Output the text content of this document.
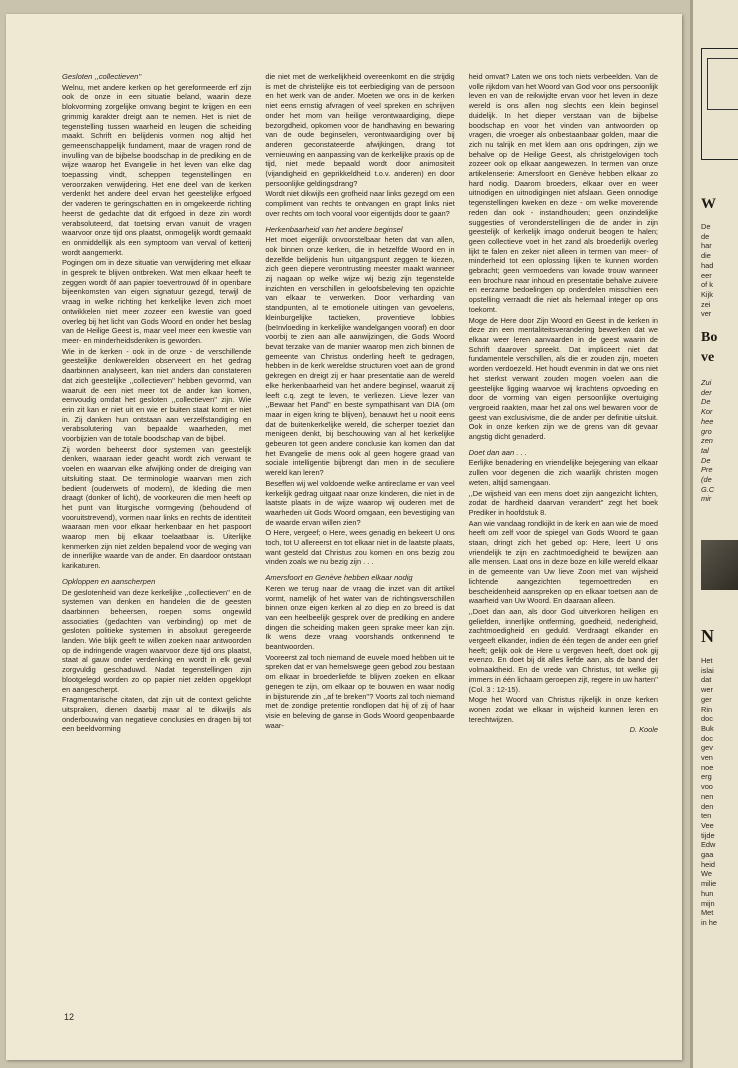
Gesloten ,,collectieven''

Welnu, met andere kerken op het gereformeerde erf zijn ook de onze in een situatie beland, waarin deze blokvorming zorgelijke omvang begint te krijgen en een grimmig karakter dreigt aan te nemen. Het is niet de tegenstelling tussen waarheid en leugen die scheiding maakt. Schrift en belijdenis vormen nog altijd het gemeenschappelijk fundament, maar de vragen rond de invulling van de bijbelse boodschap in de prediking en de wijze waarop het Evangelie in het leven van elke dag toepassing vindt, scheppen tegenstellingen en veroorzaken verwijdering. Het ene deel van de kerken verdenkt het andere deel ervan het geestelijke erfgoed der vaderen te geringschatten en in omgekeerde richting heerst de gedachte dat dit erfgoed in deze zin wordt verabsoluteerd, dat toetsing ervan vanuit de vragen waarvoor onze tijd ons plaatst, onmogelijk wordt gemaakt en onmiddellijk als een symptoom van verval of ketterij wordt aangemerkt.

Pogingen om in deze situatie van verwijdering met elkaar in gesprek te blijven ontbreken. Wat men elkaar heeft te zeggen wordt ôf aan papier toevertrouwd ôf in openbare bijeenkomsten van eigen signatuur gezegd, terwijl de vraag in welke richting het kerkelijke leven zich moet ontwikkelen niet meer zozeer een kwestie van goed overleg bij het licht van Gods Woord en onder het beslag van de Heilige Geest is, maar veel meer een kwestie van meer- en minderheidsdenken is geworden.

Wie in de kerken - ook in de onze - de verschillende geestelijke denkwerelden observeert en het gedrag daarbinnen analyseert, kan niet anders dan constateren dat zich geestelijke ,,collectieven'' hebben gevormd, van waaruit de een niet meer tot de ander kan komen, eenvoudig omdat het gesloten ,,collectieven'' zijn. Wie erin zit kan er niet uit en wie er buiten staat komt er niet in. Zij danken hun ontstaan aan verzelfstandiging en verabsolutering van bepaalde waarheden, met voorbijzien van de totale boodschap van de bijbel.

Zij worden beheerst door systemen van geestelijk denken, waaraan ieder geacht wordt zich verwant te voelen en waarvan elke afwijking onder de dreiging van uitsluiting staat. De terminologie waarvan men zich bedient (ouderwets of modern), de kleding die men draagt (donker of licht), de voorkeuren die men heeft op het punt van liturgische vormgeving (behoudend of vooruitstrevend), vormen naar links en rechts de identiteit waaraan men voor elkaar herkenbaar en het paspoort waarop men bij elkaar toelaatbaar is. Uiterlijke kenmerken zijn niet zelden bepalend voor de weging van de innerlijke waarde van de ander. En daardoor ontstaan karikaturen.

Opkloppen en aanscherpen

De geslotenheid van deze kerkelijke ,,collectieven'' en de systemen van denken en handelen die de geesten daarbinnen beheersen, roepen soms ongewild associaties (gedachten van verbinding) op met de gesloten politieke systemen in absoluut geregeerde landen. Wie blijk geeft te willen zoeken naar antwoorden op de indringende vragen waarvoor deze tijd ons plaatst, staat al gauw onder verdenking en wordt in elk geval zorgvuldig geschaduwd. Nadat tegenstellingen zijn blootgelegd worden zo op papier niet zelden opgeklopt en aangescherpt.

Fragmentarische citaten, dat zijn uit de context gelichte uitspraken, dienen daarbij maar al te dikwijls als onderbouwing van negatieve conclusies en dragen bij tot een beeldvorming

die niet met de werkelijkheid overeenkomt en die strijdig is met de christelijke eis tot eerbiediging van de persoon en het werk van de ander. Moeten we ons in de kerken niet eens ernstig afvragen of veel spreken en schrijven onder het mom van heilige verontwaardiging, diepe bezorgdheid, opkomen voor de handhaving en bewaring van de oude beginselen, verontwaardiging over bij anderen geconstateerde afwijkingen, drang tot vernieuwing en aanpassing van de kerkelijke praxis op de tijd, niet mede bepaald wordt door animositeit (vijandigheid en geprikkeldheid t.o.v. anderen) en door persoonlijke geldingsdrang?

Wordt niet dikwijls een grofheid naar links gezegd om een compliment van rechts te ontvangen en grapt links niet over rechts om toch vooral voor eigentijds door te gaan?

Herkenbaarheid van het andere beginsel

Het moet eigenlijk onvoorstelbaar heten dat van allen, ook binnen onze kerken, die in hetzelfde Woord en in dezelfde belijdenis hun uitgangspunt zeggen te kiezen, zich geen diepere verontrusting meester maakt wanneer zij nagaan op welke wijze wij bezig zijn tegenstelde inzichten en verschillen in geloofsbeleving ten opzichte van elkaar te verwerken. Door verharding van standpunten, al te emotionele uitingen van gevoelens, kleinburgelijke tactieken, proventieve lobbies (beïnvloeding in kerkelijke wandelgangen vooraf) en door voorbij te zien aan alle aanwijzingen, die Gods Woord bevat terzake van de manier waarop men zich binnen de gemeente van Christus onderling heeft te gedragen, hebben in de kerk wereldse structuren voet aan de grond gekregen en dreigt zij er haar presentatie aan de wereld elke herkenbaarheid van het andere beginsel, waaruit zij leeft c.q. zegt te leven, te verliezen. Lieve lezer van ,,Bewaar het Pand'' en beste sympathisant van DIA (om maar in eigen kring te blijven), benauwt het u nooit eens dat de buitenkerkelijke wereld, die scherper toeziet dan menigeen denkt, bij beschouwing van al het kerkelijke gebeuren tot geen andere conclusie kan komen dan dat het Evangelie de mens ook al geen hogere graad van sociale intelligentie bijbrengt dan men in de seculiere wereld kan leren?

Beseffen wij wel voldoende welke antireclame er van veel kerkelijk gedrag uitgaat naar onze kinderen, die niet in de laatste plaats in de wijze waarop wij ouderen met de waarheden uit Gods Woord omgaan, een bevestiging van de waarde ervan willen zien?

O Here, vergeef; o Here, wees genadig en bekeert U ons toch, tot U allereerst en tot elkaar niet in de laatste plaats, want gesteld dat Christus zou komen en ons bezig zou vinden zoals we nu bezig zijn . . .

Amersfoort en Genève hebben elkaar nodig

Keren we terug naar de vraag die inzet van dit artikel vormt, namelijk of het water van de richtingsverschillen binnen onze eigen kerken al zo diep en zo breed is dat van een heelbeelijk gesprek over de prediking en andere dingen die scheiding maken geen sprake meer kan zijn. Ik wens deze vraag voorshands ontkennend te beantwoorden.

Vooreerst zal toch niemand de euvele moed hebben uit te spreken dat er van hemelswege geen gebod zou bestaan om elkaar in broederliefde te blijven zoeken en elkaar genegen te zijn, om elkaar op te bouwen en waar nodig in bijsturende zin ,,af te breken''? Voorts zal toch niemand met de zondige pretentie rondlopen dat hij of zij of haar visie en beleving de ganse in Gods Woord geopenbaarde waar-

heid omvat? Laten we ons toch niets verbeelden. Van de volle rijkdom van het Woord van God voor ons persoonlijk leven en van de reikwijdte ervan voor het leven in deze wereld is ons allen nog slechts een klein beginsel duidelijk. In het dieper verstaan van de bijbelse boodschap en voor het vinden van antwoorden op vragen, die vroeger als onbestaanbaar golden, maar die zich nu talrijk en met klem aan ons opdringen, zijn we behalve op de Heilige Geest, als christgelovigen toch zozeer ook op elkaar aangewezen. In termen van onze artikelenserie: Amersfoort en Genève hebben elkaar zo hard nodig. Daarom broeders, elkaar over en weer uitnodigen en uitnodigingen niet afslaan. Geen onnodige tegenstellingen kweken en deze - om welke moverende reden dan ook - instandhouden; geen onzindelijke suggesties of veronderstellingen die de ander in zijn geestelijk of kerkelijk imago onderuit beogen te halen; geen collectieve voet in het zand als broederlijk overleg lijkt te falen en zeker niet alleen in termen van meer- of minderheid tot een oplossing lijken te kunnen worden gebracht; geen vermoedens van kwade trouw wanneer een brochure naar inhoud en presentatie behalve zuivere en eerzame bedoelingen op onderdelen misschien een opstelling verraadt die niet als helemaal integer op ons toekomt.

Moge de Here door Zijn Woord en Geest in de kerken in deze zin een mentaliteitsverandering bewerken dat we elkaar weer leren aanvaarden in de geest waarin de Schrift daarover spreekt. Dat impliceert niet dat fundamentele verschillen, als die er zouden zijn, moeten worden verdoezeld. Het houdt evenmin in dat we ons niet het sterkst verwant zouden mogen voelen aan die geestelijke ligging waarvoe wij krachtens opvoeding en door de vorming van eigen persoonlijke overtuiging vergroeid raakten, maar het zal ons wel bewaren voor de geest van exclusivisme, die de ander per definitie uitsluit. Ook in onze kerken zijn we de grens van dit gevaar angstig dicht genaderd.

Doet dan aan . . .

Eerlijke benadering en vriendelijke bejegening van elkaar zullen voor degenen die zich waarlijk christen mogen weten, altijd samengaan.

,,De wijsheid van een mens doet zijn aangezicht lichten, zodat de hardheid daarvan verandert'' zegt het boek Prediker in hoofdstuk 8.

Aan wie vandaag rondkijkt in de kerk en aan wie de moed heeft om zelf voor de spiegel van Gods Woord te gaan staan, dringt zich het gebed op: Here, leert U ons vriendelijk te zijn en zachtmoedigheid te bewijzen aan alle mensen. Laat ons in deze boze en kille wereld elkaar in de gemeente van Uw lieve Zoon met van wijsheid lichtende aangezichten tegemoettreden en bescheidenheid aanspreken op en elkaar toetsen aan de waarheid van Uw Woord. En daaraan alleen.

,,Doet dan aan, als door God uitverkoren heiligen en geliefden, innerlijke ontferming, goedheid, nederigheid, zachtmoedigheid en geduld. Verdraagt elkander en vergeeft elkander, indien de één tegen de ander een grief heeft; gelijk ook de Here u vergeven heeft, doet ook gij evenzo. En doet bij dit alles liefde aan, als de band der volmaaktheid. En de vrede van Christus, tot welke gij immers in één lichaam geroepen zijt, regere in uw harten'' (Col. 3 : 12-15).

Moge het Woord van Christus rijkelijk in onze kerken wonen zodat we elkaar in wijsheid kunnen leren en terechtwijzen.

D. Koole

12
W
De
de
har
die
had
eer
of k
Kijk
zei
ver
Bo
ve
Zui
der
De
Kor
hee
gro
zen
tal
De
Pre
(de
G.C
mir
N
Het
islai
dat
wer
ger
Rin
doc
Buk
doc
gev
ven
noe
erg
voo
nen
den
ten
Vee
tijde
Edw
gaa
heid
We
milie
hun
mijn
Met
in he
